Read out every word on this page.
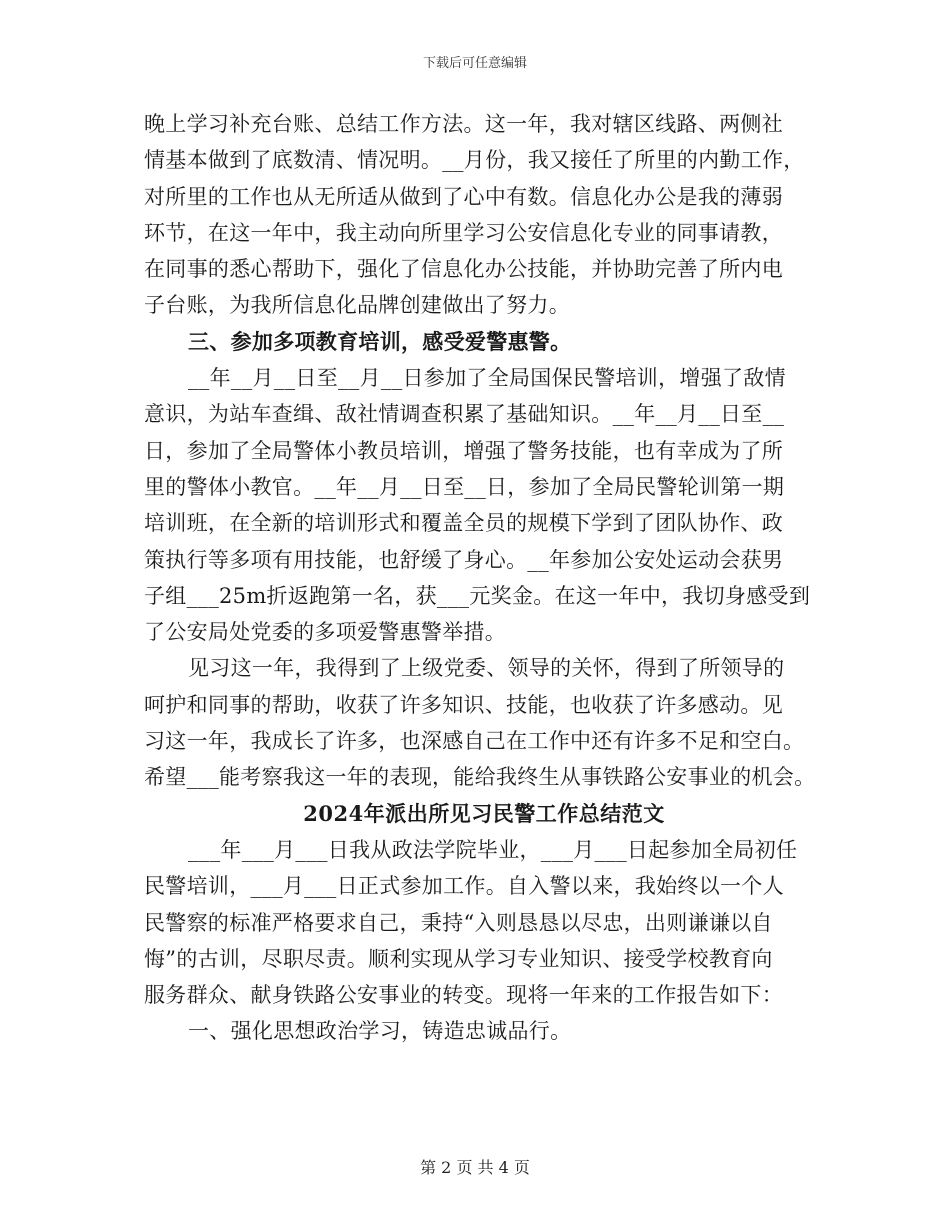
下载后可任意编辑
晚上学习补充台账、总结工作方法。这一年，我对辖区线路、两侧社
情基本做到了底数清、情况明。__月份，我又接任了所里的内勤工作，
对所里的工作也从无所适从做到了心中有数。信息化办公是我的薄弱
环节，在这一年中，我主动向所里学习公安信息化专业的同事请教，
在同事的悉心帮助下，强化了信息化办公技能，并协助完善了所内电
子台账，为我所信息化品牌创建做出了努力。
三、参加多项教育培训，感受爱警惠警。
__年__月__日至__月__日参加了全局国保民警培训，增强了敌情
意识，为站车查缉、敌社情调查积累了基础知识。__年__月__日至__
日，参加了全局警体小教员培训，增强了警务技能，也有幸成为了所
里的警体小教官。__年__月__日至__日，参加了全局民警轮训第一期
培训班，在全新的培训形式和覆盖全员的规模下学到了团队协作、政
策执行等多项有用技能，也舒缓了身心。__年参加公安处运动会获男
子组___25m折返跑第一名，获___元奖金。在这一年中，我切身感受到
了公安局处党委的多项爱警惠警举措。
见习这一年，我得到了上级党委、领导的关怀，得到了所领导的
呵护和同事的帮助，收获了许多知识、技能，也收获了许多感动。见
习这一年，我成长了许多，也深感自己在工作中还有许多不足和空白。
希望___能考察我这一年的表现，能给我终生从事铁路公安事业的机会。
2024年派出所见习民警工作总结范文
___年___月___日我从政法学院毕业，___月___日起参加全局初任
民警培训，___月___日正式参加工作。自入警以来，我始终以一个人
民警察的标准严格要求自己，秉持“入则恳恳以尽忠，出则谦谦以自
悔”的古训，尽职尽责。顺利实现从学习专业知识、接受学校教育向
服务群众、献身铁路公安事业的转变。现将一年来的工作报告如下：
一、强化思想政治学习，铸造忠诚品行。
第 2 页 共 4 页
